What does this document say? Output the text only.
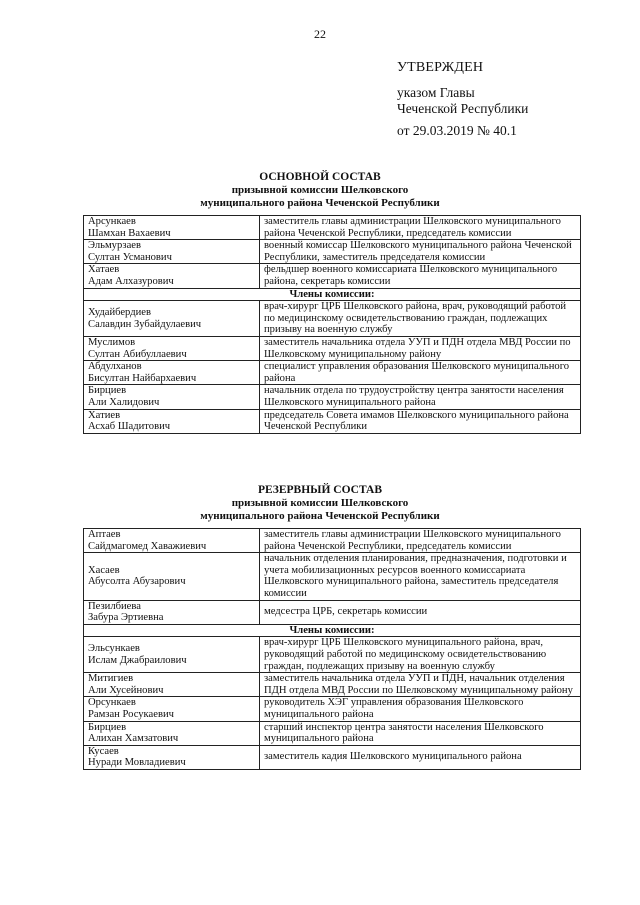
22
УТВЕРЖДЕН
указом Главы
Чеченской Республики
от 29.03.2019 № 40.1
ОСНОВНОЙ СОСТАВ
призывной комиссии Шелковского
муниципального района Чеченской Республики
Арсункаев
Шамхан Вахаевич	заместитель главы администрации Шелковского муниципального района Чеченской Республики, председатель комиссии

Эльмурзаев
Султан Усманович	военный комиссар Шелковского муниципального района Чеченской Республики, заместитель председателя комиссии

Хатаев
Адам Алхазурович	фельдшер военного комиссариата Шелковского муниципального района, секретарь комиссии
Члены комиссии:	

Худайбердиев
Салавдин Зубайдулаевич	врач-хирург ЦРБ Шелковского района, врач, руководящий работой по медицинскому освидетельствованию граждан, подлежащих призыву на военную службу

Муслимов
Султан Абибуллаевич	заместитель начальника отдела УУП и ПДН отдела МВД России по Шелковскому муниципальному району

Абдулханов
Бисултан Найбархаевич	специалист управления образования Шелковского муниципального района

Бирциев
Али Халидович	начальник отдела по трудоустройству центра занятости населения Шелковского муниципального района

Хатиев
Асхаб Шадитович	председатель Совета имамов Шелковского муниципального района Чеченской Республики
РЕЗЕРВНЫЙ СОСТАВ
призывной комиссии Шелковского
муниципального района Чеченской Республики
Аптаев
Сайдмагомед Хаважиевич	заместитель главы администрации Шелковского муниципального района Чеченской Республики, председатель комиссии

Хасаев
Абусолта Абузарович	начальник отделения планирования, предназначения, подготовки и учета мобилизационных ресурсов военного комиссариата Шелковского муниципального района, заместитель председателя комиссии

Пезилбиева
Забура Эртиевна	медсестра ЦРБ, секретарь комиссии
Члены комиссии:	

Эльсункаев
Ислам Джабраилович	врач-хирург ЦРБ Шелковского муниципального района, врач, руководящий работой по медицинскому освидетельствованию граждан, подлежащих призыву на военную службу

Митигиев
Али Хусейнович	заместитель начальника отдела УУП и ПДН, начальник отделения ПДН отдела МВД России по Шелковскому муниципальному району

Орсункаев
Рамзан Росукаевич	руководитель ХЭГ управления образования Шелковского муниципального района

Бирциев
Алихан Хамзатович	старший инспектор центра занятости населения Шелковского муниципального района

Кусаев
Нуради Мовладиевич	заместитель кадия Шелковского муниципального района
